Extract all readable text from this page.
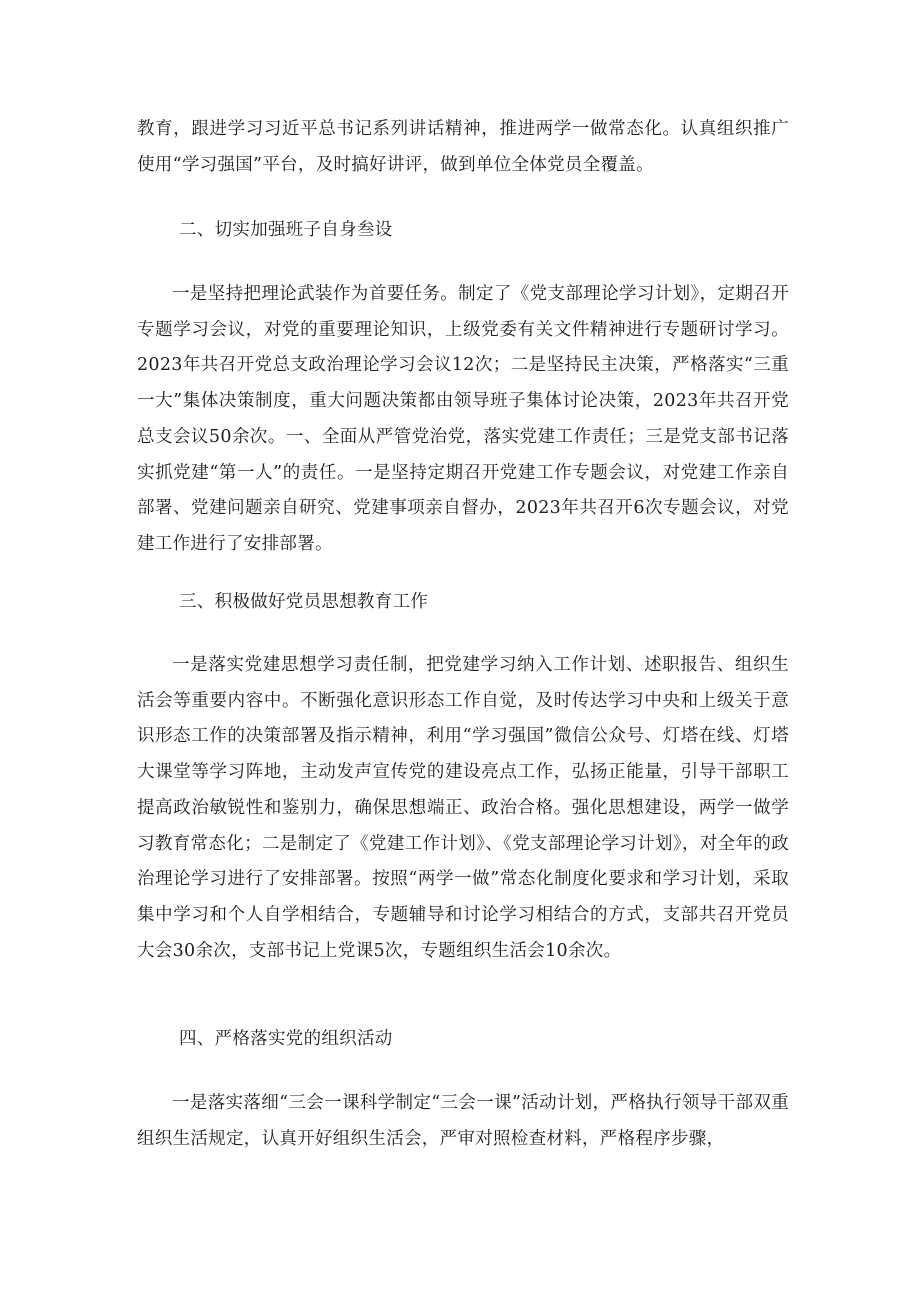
教育，跟进学习习近平总书记系列讲话精神，推进两学一做常态化。认真组织推广使用“学习强国”平台，及时搞好讲评，做到单位全体党员全覆盖。

二、切实加强班子自身叁设

一是坚持把理论武装作为首要任务。制定了《党支部理论学习计划》，定期召开专题学习会议，对党的重要理论知识，上级党委有关文件精神进行专题研讨学习。2023年共召开党总支政治理论学习会议12次；二是坚持民主决策，严格落实“三重一大”集体决策制度，重大问题决策都由领导班子集体讨论决策，2023年共召开党总支会议50余次。一、全面从严管党治党，落实党建工作责任；三是党支部书记落实抓党建“第一人”的责任。一是坚持定期召开党建工作专题会议，对党建工作亲自部署、党建问题亲自研究、党建事项亲自督办，2023年共召开6次专题会议，对党建工作进行了安排部署。

三、积极做好党员思想教育工作

一是落实党建思想学习责任制，把党建学习纳入工作计划、述职报告、组织生活会等重要内容中。不断强化意识形态工作自觉，及时传达学习中央和上级关于意识形态工作的决策部署及指示精神，利用“学习强国”微信公众号、灯塔在线、灯塔大课堂等学习阵地，主动发声宣传党的建设亮点工作，弘扬正能量，引导干部职工提高政治敏锐性和鉴别力，确保思想端正、政治合格。强化思想建设，两学一做学习教育常态化；二是制定了《党建工作计划》、《党支部理论学习计划》，对全年的政治理论学习进行了安排部署。按照“两学一做”常态化制度化要求和学习计划，采取集中学习和个人自学相结合，专题辅导和讨论学习相结合的方式，支部共召开党员大会30余次，支部书记上党课5次，专题组织生活会10余次。

四、严格落实党的组织活动

一是落实落细“三会一课科学制定“三会一课”活动计划，严格执行领导干部双重组织生活规定，认真开好组织生活会，严审对照检查材料，严格程序步骤，
